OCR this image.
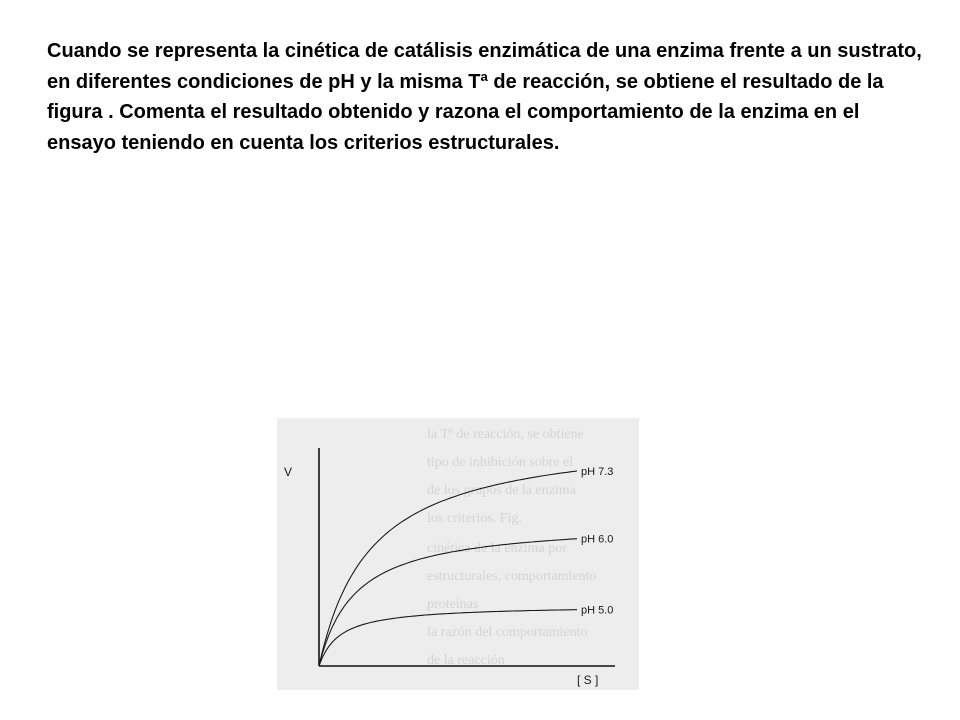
Cuando se representa la cinética de catálisis enzimática de una enzima frente a un sustrato, en diferentes condiciones de pH y la misma Tª de reacción, se obtiene el resultado de la figura . Comenta el resultado obtenido y razona el comportamiento de la enzima en el ensayo teniendo en cuenta los criterios estructurales.

la Tª de reacción, se obtiene
tipo de inhibición sobre el
de los grupos de la enzima
los criterios. Fig.
cinética de la enzima por
estructurales, comportamiento
proteínas
la razón del comportamiento
de la reacción
V
[ S ]
pH 7.3
pH 6.0
pH 5.0
